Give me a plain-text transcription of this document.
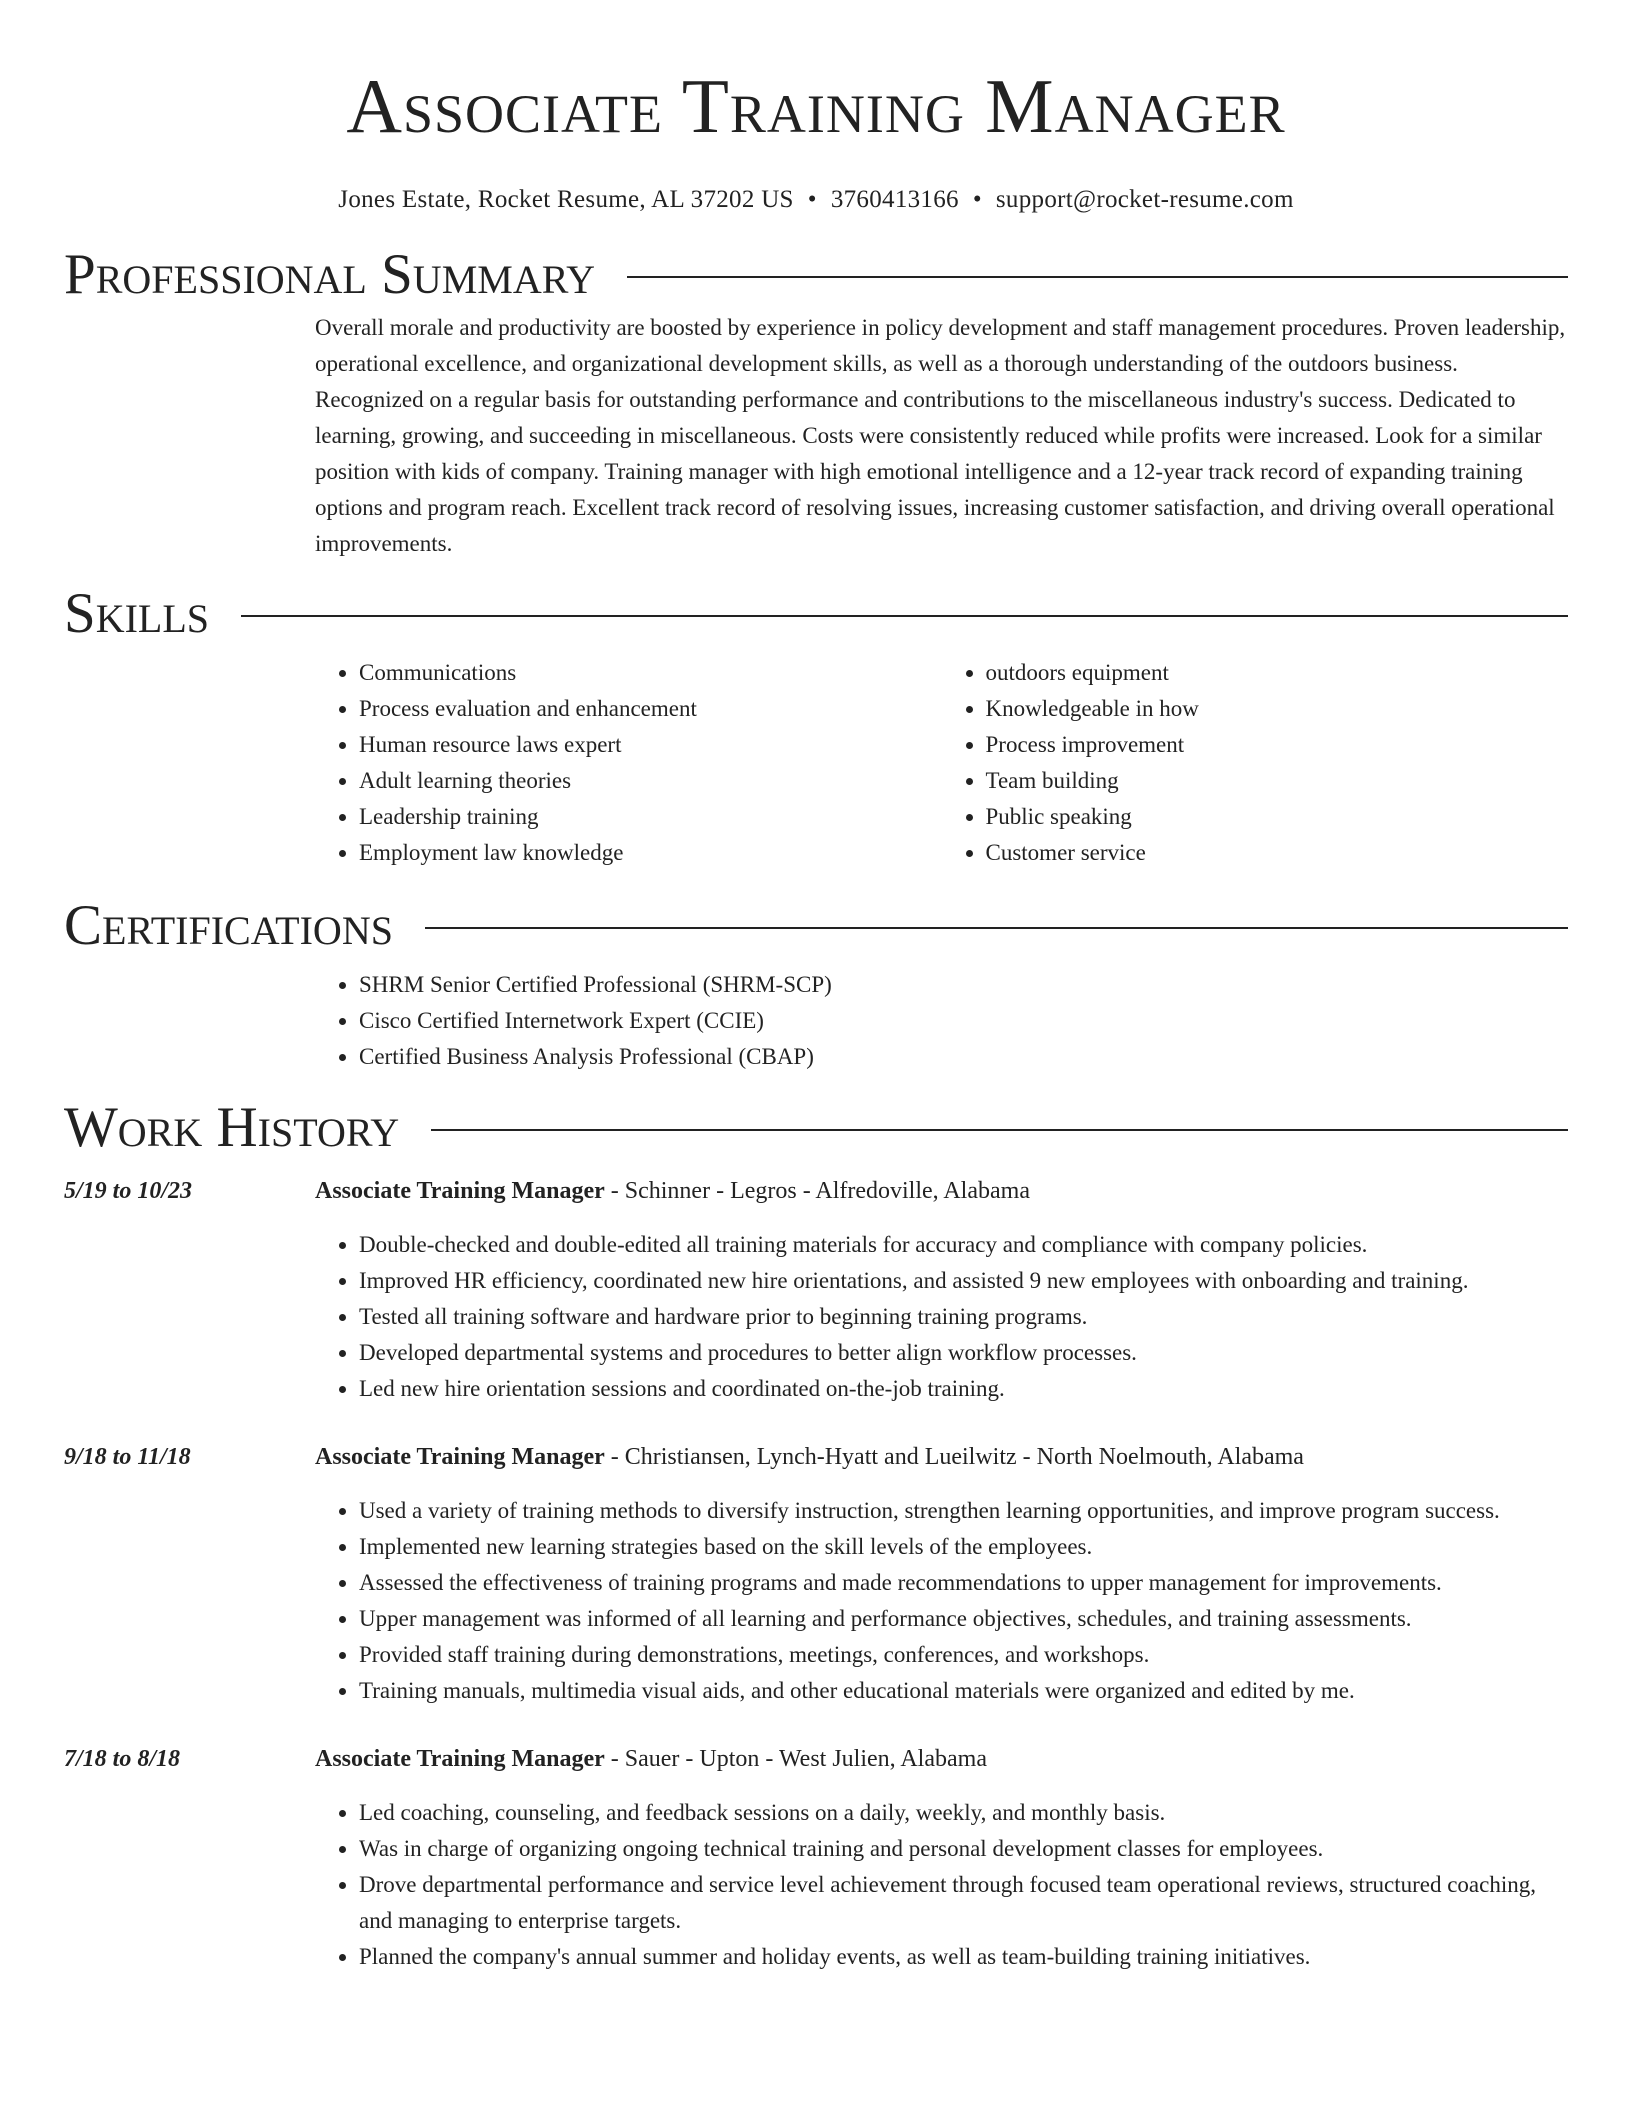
Associate Training Manager
Jones Estate, Rocket Resume, AL 37202 US • 3760413166 • support@rocket-resume.com
Professional Summary

Overall morale and productivity are boosted by experience in policy development and staff management procedures. Proven leadership, operational excellence, and organizational development skills, as well as a thorough understanding of the outdoors business. Recognized on a regular basis for outstanding performance and contributions to the miscellaneous industry's success. Dedicated to learning, growing, and succeeding in miscellaneous. Costs were consistently reduced while profits were increased. Look for a similar position with kids of company. Training manager with high emotional intelligence and a 12-year track record of expanding training options and program reach. Excellent track record of resolving issues, increasing customer satisfaction, and driving overall operational improvements.

Skills
• Communications
• Process evaluation and enhancement
• Human resource laws expert
• Adult learning theories
• Leadership training
• Employment law knowledge
• outdoors equipment
• Knowledgeable in how
• Process improvement
• Team building
• Public speaking
• Customer service
Certifications
• SHRM Senior Certified Professional (SHRM-SCP)
• Cisco Certified Internetwork Expert (CCIE)
• Certified Business Analysis Professional (CBAP)
Work History
5/19 to 10/23	Associate Training Manager - Schinner - Legros - Alfredoville, Alabama
• Double-checked and double-edited all training materials for accuracy and compliance with company policies.
• Improved HR efficiency, coordinated new hire orientations, and assisted 9 new employees with onboarding and training.
• Tested all training software and hardware prior to beginning training programs.
• Developed departmental systems and procedures to better align workflow processes.
• Led new hire orientation sessions and coordinated on-the-job training.
9/18 to 11/18	Associate Training Manager - Christiansen, Lynch-Hyatt and Lueilwitz - North Noelmouth, Alabama
• Used a variety of training methods to diversify instruction, strengthen learning opportunities, and improve program success.
• Implemented new learning strategies based on the skill levels of the employees.
• Assessed the effectiveness of training programs and made recommendations to upper management for improvements.
• Upper management was informed of all learning and performance objectives, schedules, and training assessments.
• Provided staff training during demonstrations, meetings, conferences, and workshops.
• Training manuals, multimedia visual aids, and other educational materials were organized and edited by me.
7/18 to 8/18	Associate Training Manager - Sauer - Upton - West Julien, Alabama
• Led coaching, counseling, and feedback sessions on a daily, weekly, and monthly basis.
• Was in charge of organizing ongoing technical training and personal development classes for employees.
• Drove departmental performance and service level achievement through focused team operational reviews, structured coaching, and managing to enterprise targets.
• Planned the company's annual summer and holiday events, as well as team-building training initiatives.
